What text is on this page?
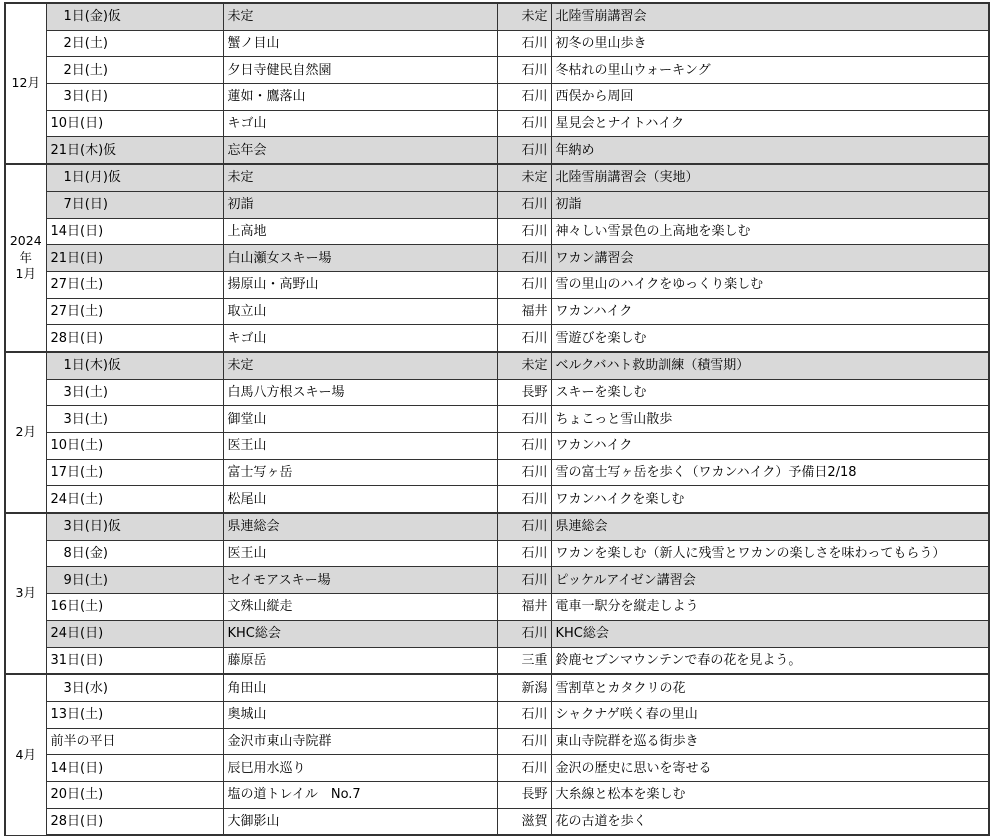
12月	　1日(金)仮	未定	未定	北陸雪崩講習会
	　2日(土)	蟹ノ目山	石川	初冬の里山歩き
	　2日(土)	夕日寺健民自然園	石川	冬枯れの里山ウォーキング
	　3日(日)	蓮如・鷹落山	石川	西俣から周回
	10日(日)	キゴ山	石川	星見会とナイトハイク
	21日(木)仮	忘年会	石川	年納め
2024
年
1月	　1日(月)仮	未定	未定	北陸雪崩講習会（実地）
	　7日(日)	初詣	石川	初詣
	14日(日)	上高地	石川	神々しい雪景色の上高地を楽しむ
	21日(日)	白山瀬女スキー場	石川	ワカン講習会
	27日(土)	揚原山・高野山	石川	雪の里山のハイクをゆっくり楽しむ
	27日(土)	取立山	福井	ワカンハイク
	28日(日)	キゴ山	石川	雪遊びを楽しむ
2月	　1日(木)仮	未定	未定	ベルクバハト救助訓練（積雪期）
	　3日(土)	白馬八方根スキー場	長野	スキーを楽しむ
	　3日(土)	御堂山	石川	ちょこっと雪山散歩
	10日(土)	医王山	石川	ワカンハイク
	17日(土)	富士写ヶ岳	石川	雪の富士写ヶ岳を歩く（ワカンハイク）予備日2/18
	24日(土)	松尾山	石川	ワカンハイクを楽しむ
3月	　3日(日)仮	県連総会	石川	県連総会
	　8日(金)	医王山	石川	ワカンを楽しむ（新人に残雪とワカンの楽しさを味わってもらう）
	　9日(土)	セイモアスキー場	石川	ピッケルアイゼン講習会
	16日(土)	文殊山縦走	福井	電車一駅分を縦走しよう
	24日(日)	KHC総会	石川	KHC総会
	31日(日)	藤原岳	三重	鈴鹿セブンマウンテンで春の花を見よう。
4月	　3日(水)	角田山	新潟	雪割草とカタクリの花
	13日(土)	奥城山	石川	シャクナゲ咲く春の里山
	前半の平日	金沢市東山寺院群	石川	東山寺院群を巡る街歩き
	14日(日)	辰巳用水巡り	石川	金沢の歴史に思いを寄せる
	20日(土)	塩の道トレイル　No.7	長野	大糸線と松本を楽しむ
	28日(日)	大御影山	滋賀	花の古道を歩く
